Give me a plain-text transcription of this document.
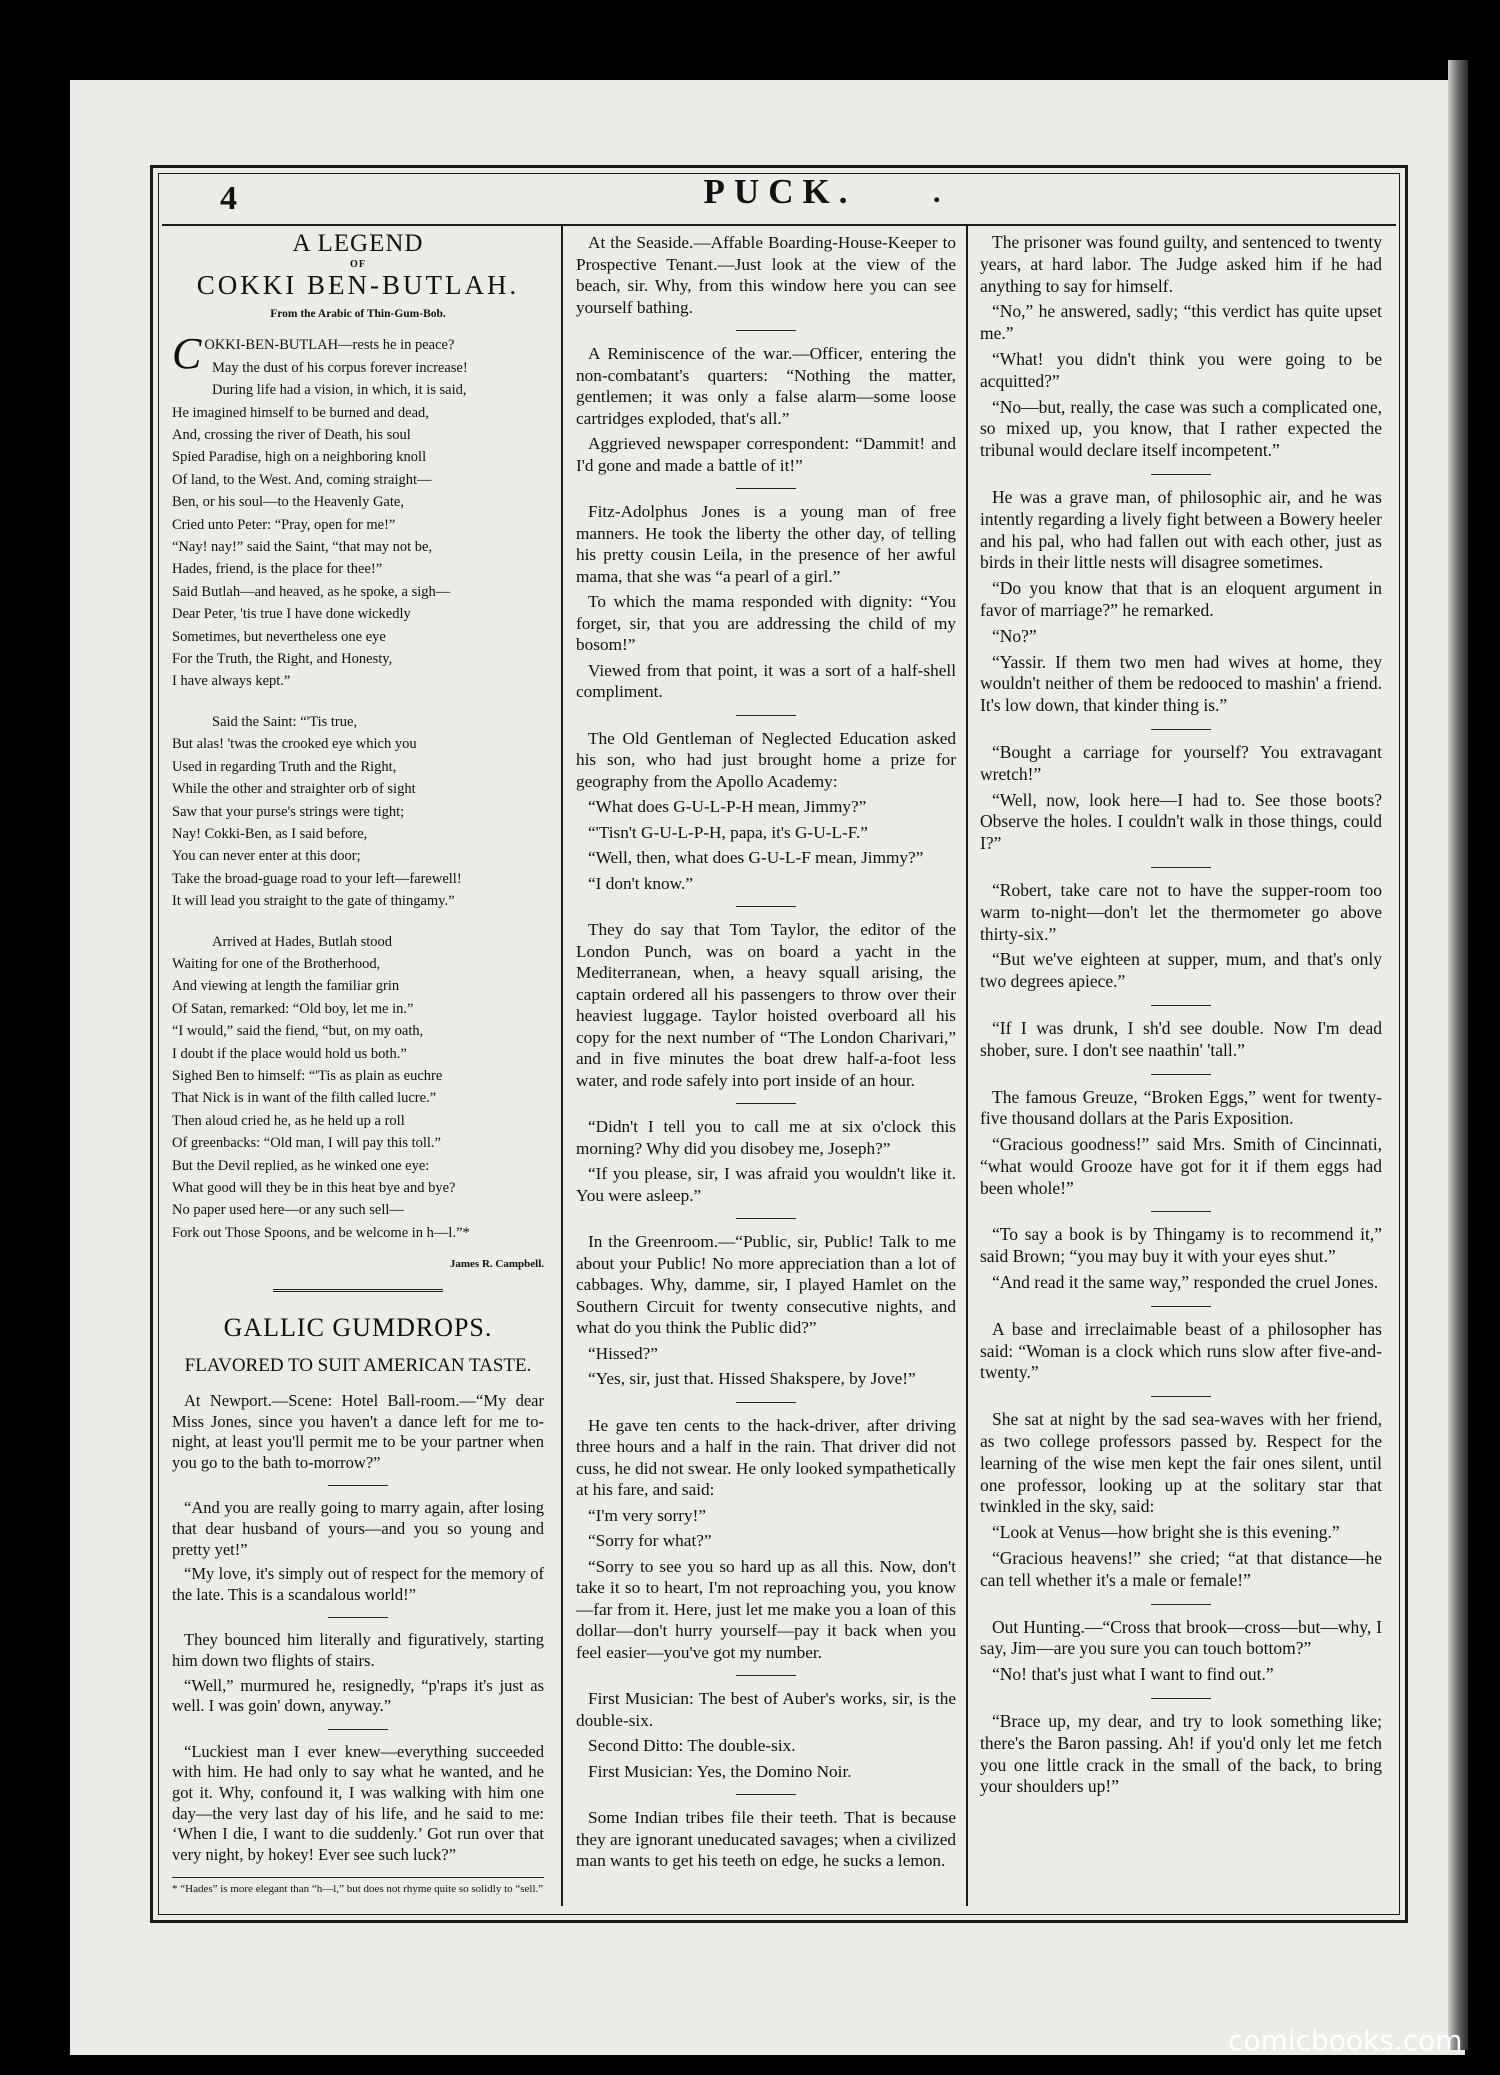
4	PUCK.	.
A LEGEND
OF
COKKI BEN-BUTLAH.
From the Arabic of Thin-Gum-Bob.
COKKI-BEN-BUTLAH—rests he in peace?
May the dust of his corpus forever increase!
During life had a vision, in which, it is said,
He imagined himself to be burned and dead,
And, crossing the river of Death, his soul
Spied Paradise, high on a neighboring knoll
Of land, to the West. And, coming straight—
Ben, or his soul—to the Heavenly Gate,
Cried unto Peter: “Pray, open for me!”
“Nay! nay!” said the Saint, “that may not be,
Hades, friend, is the place for thee!”
Said Butlah—and heaved, as he spoke, a sigh—
Dear Peter, 'tis true I have done wickedly
Sometimes, but nevertheless one eye
For the Truth, the Right, and Honesty,
I have always kept.”
Said the Saint: “'Tis true,
But alas! 'twas the crooked eye which you
Used in regarding Truth and the Right,
While the other and straighter orb of sight
Saw that your purse's strings were tight;
Nay! Cokki-Ben, as I said before,
You can never enter at this door;
Take the broad-guage road to your left—farewell!
It will lead you straight to the gate of thingamy.”
Arrived at Hades, Butlah stood
Waiting for one of the Brotherhood,
And viewing at length the familiar grin
Of Satan, remarked: “Old boy, let me in.”
“I would,” said the fiend, “but, on my oath,
I doubt if the place would hold us both.”
Sighed Ben to himself: “'Tis as plain as euchre
That Nick is in want of the filth called lucre.”
Then aloud cried he, as he held up a roll
Of greenbacks: “Old man, I will pay this toll.”
But the Devil replied, as he winked one eye:
What good will they be in this heat bye and bye?
No paper used here—or any such sell—
Fork out Those Spoons, and be welcome in h—l.”*
James R. Campbell.
GALLIC GUMDROPS.
FLAVORED TO SUIT AMERICAN TASTE.

At Newport.—Scene: Hotel Ball-room.—“My dear Miss Jones, since you haven't a dance left for me to-night, at least you'll permit me to be your partner when you go to the bath to-morrow?”

“And you are really going to marry again, after losing that dear husband of yours—and you so young and pretty yet!”

“My love, it's simply out of respect for the memory of the late. This is a scandalous world!”

They bounced him literally and figuratively, starting him down two flights of stairs.

“Well,” murmured he, resignedly, “p'raps it's just as well. I was goin' down, anyway.”

“Luckiest man I ever knew—everything succeeded with him. He had only to say what he wanted, and he got it. Why, confound it, I was walking with him one day—the very last day of his life, and he said to me: ‘When I die, I want to die suddenly.’ Got run over that very night, by hokey! Ever see such luck?”

* “Hades” is more elegant than “h—l,” but does not rhyme quite so solidly to “sell.”

At the Seaside.—Affable Boarding-House-Keeper to Prospective Tenant.—Just look at the view of the beach, sir. Why, from this window here you can see yourself bathing.

A Reminiscence of the war.—Officer, entering the non-combatant's quarters: “Nothing the matter, gentlemen; it was only a false alarm—some loose cartridges exploded, that's all.”

Aggrieved newspaper correspondent: “Dammit! and I'd gone and made a battle of it!”

Fitz-Adolphus Jones is a young man of free manners. He took the liberty the other day, of telling his pretty cousin Leila, in the presence of her awful mama, that she was “a pearl of a girl.”

To which the mama responded with dignity: “You forget, sir, that you are addressing the child of my bosom!”

Viewed from that point, it was a sort of a half-shell compliment.

The Old Gentleman of Neglected Education asked his son, who had just brought home a prize for geography from the Apollo Academy:

“What does G-U-L-P-H mean, Jimmy?”

“'Tisn't G-U-L-P-H, papa, it's G-U-L-F.”

“Well, then, what does G-U-L-F mean, Jimmy?”

“I don't know.”

They do say that Tom Taylor, the editor of the London Punch, was on board a yacht in the Mediterranean, when, a heavy squall arising, the captain ordered all his passengers to throw over their heaviest luggage. Taylor hoisted overboard all his copy for the next number of “The London Charivari,” and in five minutes the boat drew half-a-foot less water, and rode safely into port inside of an hour.

“Didn't I tell you to call me at six o'clock this morning? Why did you disobey me, Joseph?”

“If you please, sir, I was afraid you wouldn't like it. You were asleep.”

In the Greenroom.—“Public, sir, Public! Talk to me about your Public! No more appreciation than a lot of cabbages. Why, damme, sir, I played Hamlet on the Southern Circuit for twenty consecutive nights, and what do you think the Public did?”

“Hissed?”

“Yes, sir, just that. Hissed Shakspere, by Jove!”

He gave ten cents to the hack-driver, after driving three hours and a half in the rain. That driver did not cuss, he did not swear. He only looked sympathetically at his fare, and said:

“I'm very sorry!”

“Sorry for what?”

“Sorry to see you so hard up as all this. Now, don't take it so to heart, I'm not reproaching you, you know—far from it. Here, just let me make you a loan of this dollar—don't hurry yourself—pay it back when you feel easier—you've got my number.

First Musician: The best of Auber's works, sir, is the double-six.

Second Ditto: The double-six.

First Musician: Yes, the Domino Noir.

Some Indian tribes file their teeth. That is because they are ignorant uneducated savages; when a civilized man wants to get his teeth on edge, he sucks a lemon.

The prisoner was found guilty, and sentenced to twenty years, at hard labor. The Judge asked him if he had anything to say for himself.

“No,” he answered, sadly; “this verdict has quite upset me.”

“What! you didn't think you were going to be acquitted?”

“No—but, really, the case was such a complicated one, so mixed up, you know, that I rather expected the tribunal would declare itself incompetent.”

He was a grave man, of philosophic air, and he was intently regarding a lively fight between a Bowery heeler and his pal, who had fallen out with each other, just as birds in their little nests will disagree sometimes.

“Do you know that that is an eloquent argument in favor of marriage?” he remarked.

“No?”

“Yassir. If them two men had wives at home, they wouldn't neither of them be redooced to mashin' a friend. It's low down, that kinder thing is.”

“Bought a carriage for yourself? You extravagant wretch!”

“Well, now, look here—I had to. See those boots? Observe the holes. I couldn't walk in those things, could I?”

“Robert, take care not to have the supper-room too warm to-night—don't let the thermometer go above thirty-six.”

“But we've eighteen at supper, mum, and that's only two degrees apiece.”

“If I was drunk, I sh'd see double. Now I'm dead shober, sure. I don't see naathin' 'tall.”

The famous Greuze, “Broken Eggs,” went for twenty-five thousand dollars at the Paris Exposition.

“Gracious goodness!” said Mrs. Smith of Cincinnati, “what would Grooze have got for it if them eggs had been whole!”

“To say a book is by Thingamy is to recommend it,” said Brown; “you may buy it with your eyes shut.”

“And read it the same way,” responded the cruel Jones.

A base and irreclaimable beast of a philosopher has said: “Woman is a clock which runs slow after five-and-twenty.”

She sat at night by the sad sea-waves with her friend, as two college professors passed by. Respect for the learning of the wise men kept the fair ones silent, until one professor, looking up at the solitary star that twinkled in the sky, said:

“Look at Venus—how bright she is this evening.”

“Gracious heavens!” she cried; “at that distance—he can tell whether it's a male or female!”

Out Hunting.—“Cross that brook—cross—but—why, I say, Jim—are you sure you can touch bottom?”

“No! that's just what I want to find out.”

“Brace up, my dear, and try to look something like; there's the Baron passing. Ah! if you'd only let me fetch you one little crack in the small of the back, to bring your shoulders up!”

comicbooks.com
